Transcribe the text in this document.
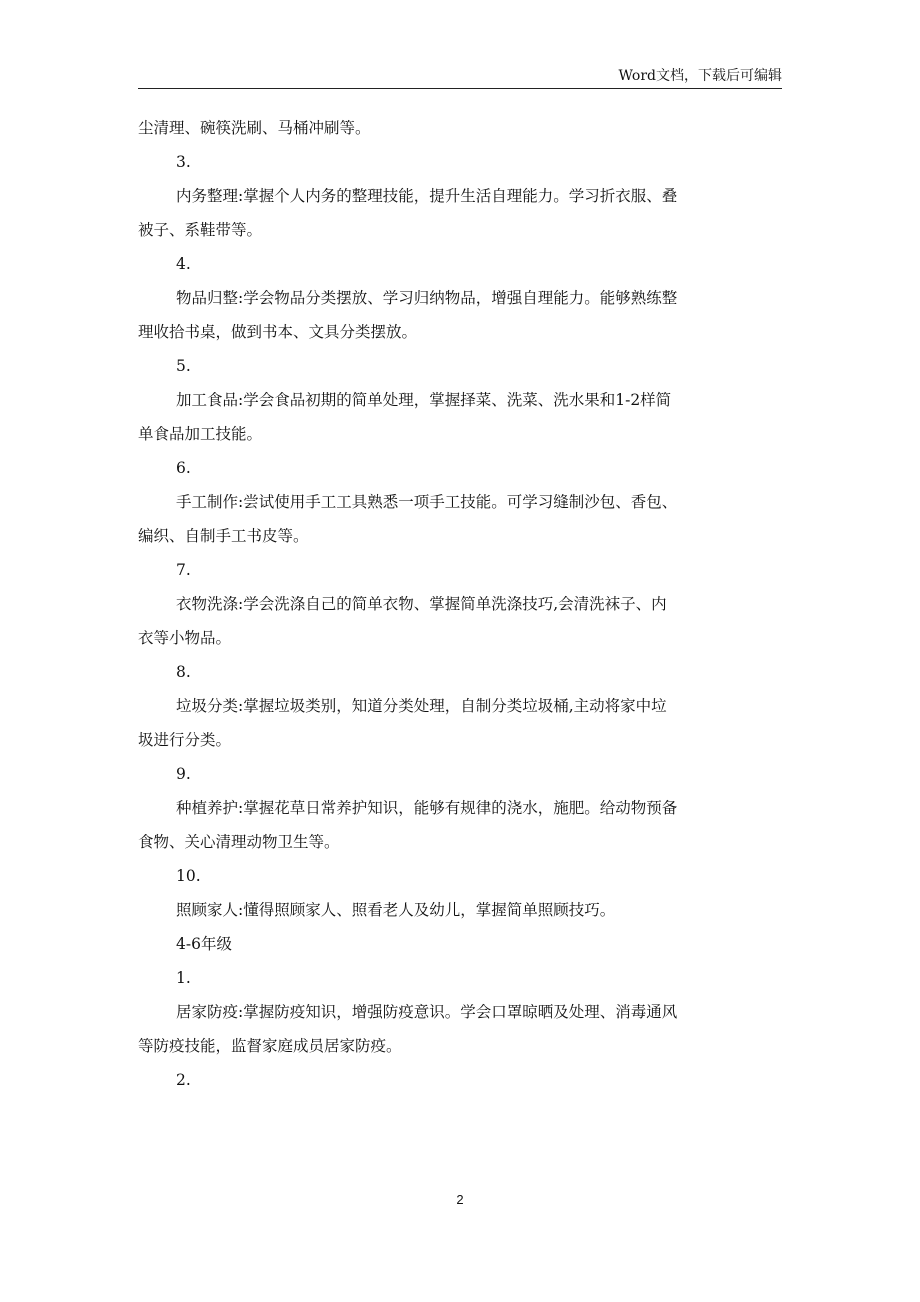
Word文档，下载后可编辑

尘清理、碗筷洗刷、马桶冲刷等。

3.

内务整理:掌握个人内务的整理技能，提升生活自理能力。学习折衣服、叠
被子、系鞋带等。

4.

物品归整:学会物品分类摆放、学习归纳物品，增强自理能力。能够熟练整
理收拾书桌，做到书本、文具分类摆放。

5.

加工食品:学会食品初期的简单处理，掌握择菜、洗菜、洗水果和1-2样简
单食品加工技能。

6.

手工制作:尝试使用手工工具熟悉一项手工技能。可学习缝制沙包、香包、
编织、自制手工书皮等。

7.

衣物洗涤:学会洗涤自己的简单衣物、掌握简单洗涤技巧,会清洗袜子、内
衣等小物品。

8.

垃圾分类:掌握垃圾类别，知道分类处理，自制分类垃圾桶,主动将家中垃
圾进行分类。

9.

种植养护:掌握花草日常养护知识，能够有规律的浇水，施肥。给动物预备
食物、关心清理动物卫生等。

10.

照顾家人:懂得照顾家人、照看老人及幼儿，掌握简单照顾技巧。

4-6年级

1.

居家防疫:掌握防疫知识，增强防疫意识。学会口罩晾晒及处理、消毒通风
等防疫技能，监督家庭成员居家防疫。

2.

2
